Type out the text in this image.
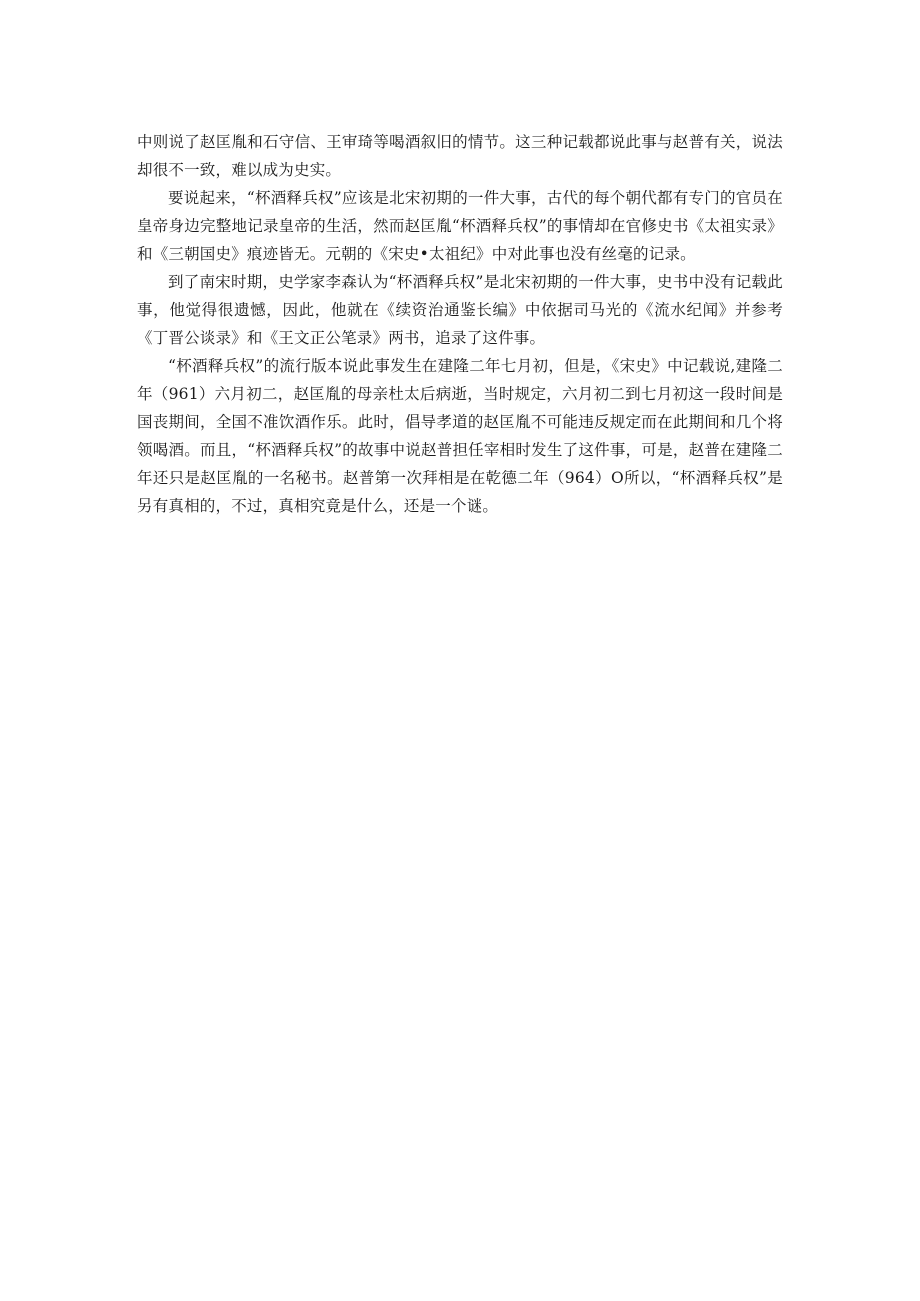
中则说了赵匡胤和石守信、王审琦等喝酒叙旧的情节。这三种记载都说此事与赵普有关，说法却很不一致，难以成为史实。

要说起来，“杯酒释兵权”应该是北宋初期的一件大事，古代的每个朝代都有专门的官员在皇帝身边完整地记录皇帝的生活，然而赵匡胤“杯酒释兵权”的事情却在官修史书《太祖实录》和《三朝国史》痕迹皆无。元朝的《宋史•太祖纪》中对此事也没有丝毫的记录。

到了南宋时期，史学家李森认为“杯酒释兵权”是北宋初期的一件大事，史书中没有记载此事，他觉得很遗憾，因此，他就在《续资治通鉴长编》中依据司马光的《流水纪闻》并参考《丁晋公谈录》和《王文正公笔录》两书，追录了这件事。

“杯酒释兵权”的流行版本说此事发生在建隆二年七月初，但是，《宋史》中记载说,建隆二年（961）六月初二，赵匡胤的母亲杜太后病逝，当时规定，六月初二到七月初这一段时间是国丧期间，全国不准饮酒作乐。此时，倡导孝道的赵匡胤不可能违反规定而在此期间和几个将领喝酒。而且，“杯酒释兵权”的故事中说赵普担任宰相时发生了这件事，可是，赵普在建隆二年还只是赵匡胤的一名秘书。赵普第一次拜相是在乾德二年（964）O所以，“杯酒释兵权”是另有真相的，不过，真相究竟是什么，还是一个谜。
